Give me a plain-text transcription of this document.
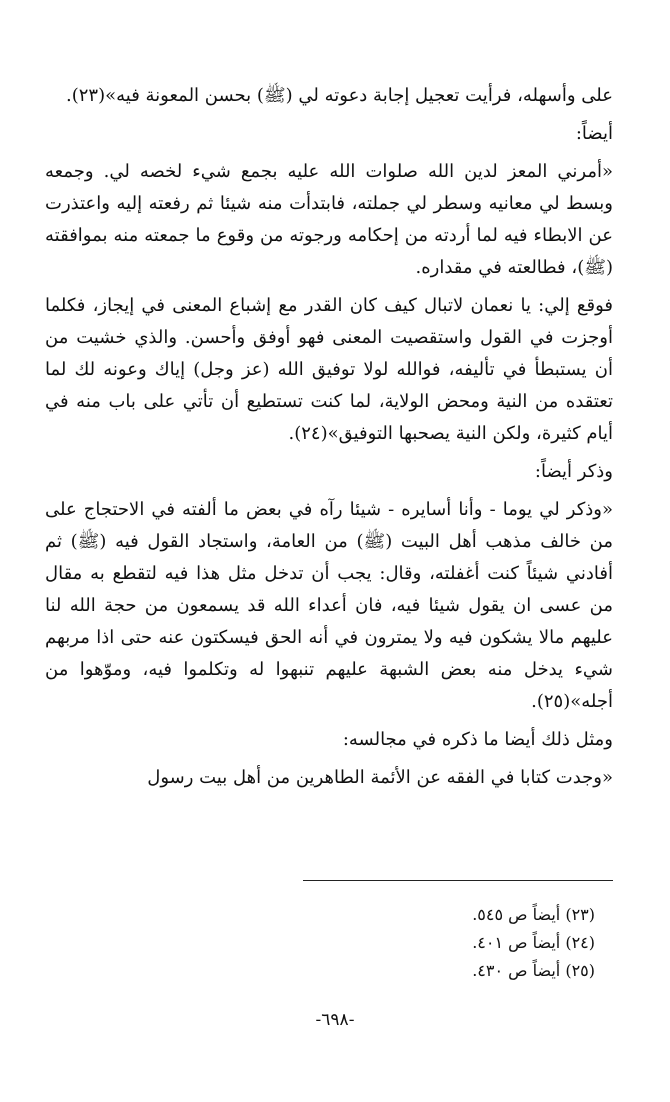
على وأسهله، فرأيت تعجيل إجابة دعوته لي (ﷺ) بحسن المعونة فيه»(٢٣).

أيضاً:

«أمرني المعز لدين الله صلوات الله عليه بجمع شيء لخصه لي. وجمعه وبسط لي معانيه وسطر لي جملته، فابتدأت منه شيئا ثم رفعته إليه واعتذرت عن الابطاء فيه لما أردته من إحكامه ورجوته من وقوع ما جمعته منه بموافقته (ﷺ)، فطالعته في مقداره.

فوقع إلي: يا نعمان لاتبال كيف كان القدر مع إشباع المعنى في إيجاز، فكلما أوجزت في القول واستقصيت المعنى فهو أوفق وأحسن. والذي خشيت من أن يستبطأ في تأليفه، فوالله لولا توفيق الله (عز وجل) إياك وعونه لك لما تعتقده من النية ومحض الولاية، لما كنت تستطيع أن تأتي على باب منه في أيام كثيرة، ولكن النية يصحبها التوفيق»(٢٤).

وذكر أيضاً:

«وذكر لي يوما - وأنا أسايره - شيئا رآه في بعض ما ألفته في الاحتجاج على من خالف مذهب أهل البيت (ﷺ) من العامة، واستجاد القول فيه (ﷺ) ثم أفادني شيئاً كنت أغفلته، وقال: يجب أن تدخل مثل هذا فيه لتقطع به مقال من عسى ان يقول شيئا فيه، فان أعداء الله قد يسمعون من حجة الله لنا عليهم مالا يشكون فيه ولا يمترون في أنه الحق فيسكتون عنه حتى اذا مربهم شيء يدخل منه بعض الشبهة عليهم تنبهوا له وتكلموا فيه، وموّهوا من أجله»(٢٥).

ومثل ذلك أيضا ما ذكره في مجالسه:

«وجدت كتابا في الفقه عن الأئمة الطاهرين من أهل بيت رسول

(٢٣) أيضاً ص ٥٤٥.

(٢٤) أيضاً ص ٤٠١.

(٢٥) أيضاً ص ٤٣٠.

-٦٩٨-
